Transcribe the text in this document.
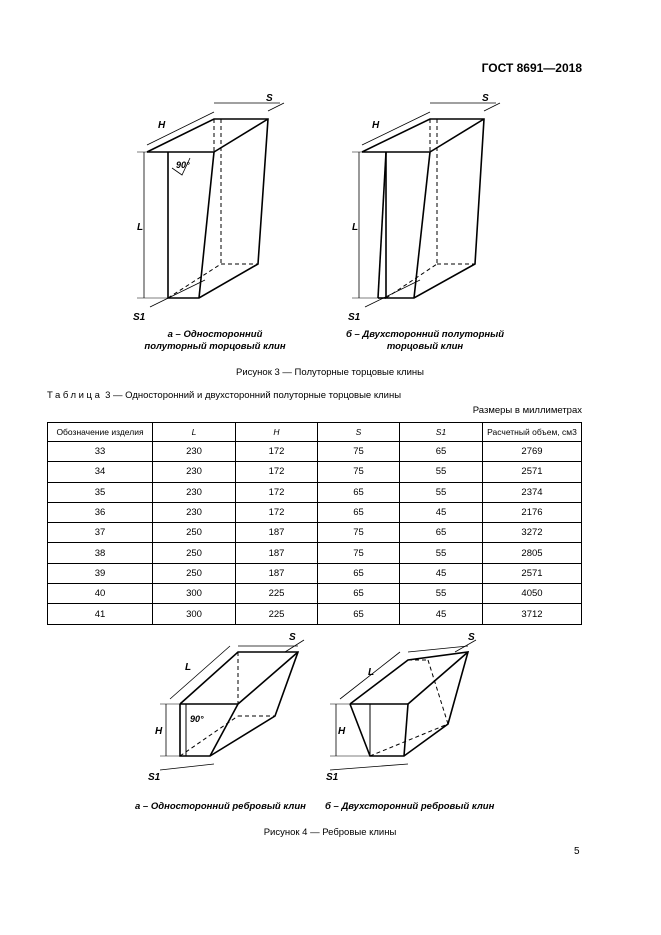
ГОСТ 8691—2018
H
S
L
S1
90°
H
S
L
S1
L
S
H
S1
90°
L
S
H
S1
а – Односторонний полуторный торцовый клин
б – Двухсторонний полуторный торцовый клин
Рисунок 3 — Полуторные торцовые клины
Таблица 3 — Односторонний и двухсторонний полуторные торцовые клины
Размеры в миллиметрах
Обозначение изделия	L	H	S	S1	Расчетный объем, см3
33	230	172	75	65	2769
34	230	172	75	55	2571
35	230	172	65	55	2374
36	230	172	65	45	2176
37	250	187	75	65	3272
38	250	187	75	55	2805
39	250	187	65	45	2571
40	300	225	65	55	4050
41	300	225	65	45	3712
а – Односторонний ребровый клин	б – Двухсторонний ребровый клин
Рисунок 4 — Ребровые клины
5
